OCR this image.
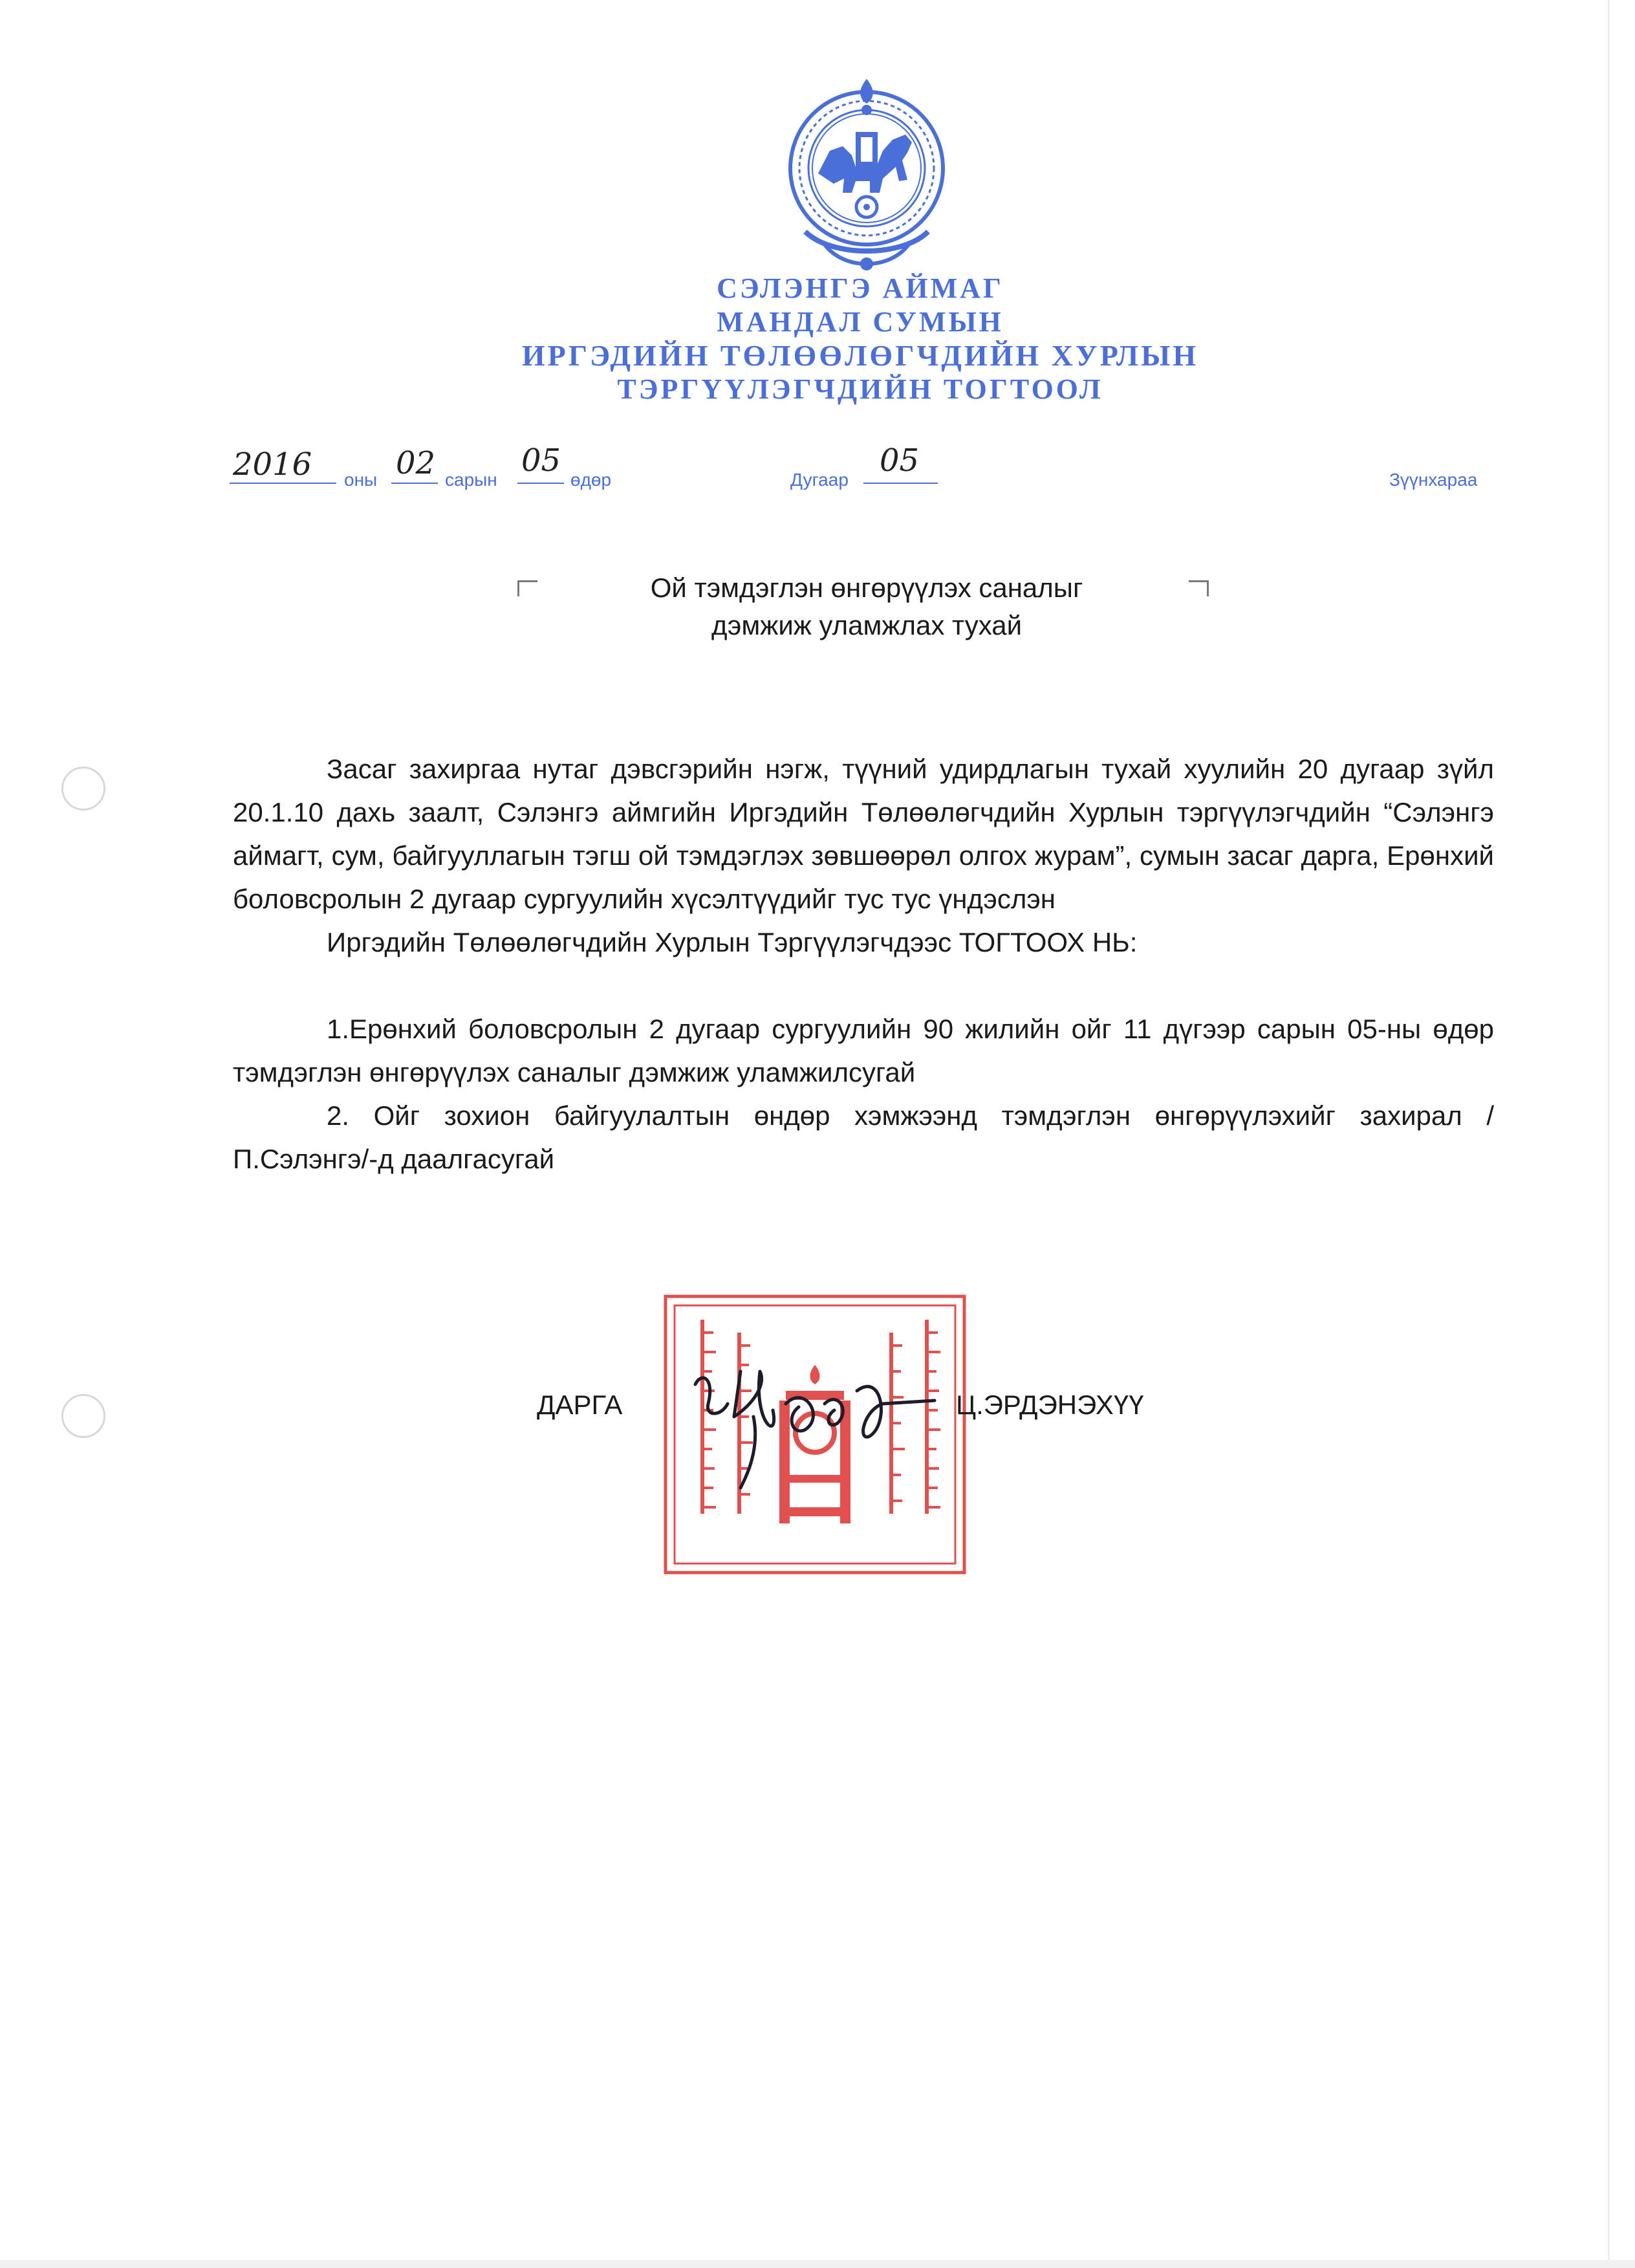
СЭЛЭНГЭ АЙМАГ
МАНДАЛ СУМЫН
ИРГЭДИЙН ТӨЛӨӨЛӨГЧДИЙН ХУРЛЫН
ТЭРГҮҮЛЭГЧДИЙН ТОГТООЛ
2016 оны 02 сарын
05
өдөр	Дугаар
05
Зүүнхараа
Ой тэмдэглэн өнгөрүүлэх саналыг
дэмжиж уламжлах тухай

Засаг захиргаа нутаг дэвсгэрийн нэгж, түүний удирдлагын тухай хуулийн 20 дугаар зүйл 20.1.10 дахь заалт, Сэлэнгэ аймгийн Иргэдийн Төлөөлөгчдийн Хурлын тэргүүлэгчдийн “Сэлэнгэ аймагт, сум, байгууллагын тэгш ой тэмдэглэх зөвшөөрөл олгох журам”, сумын засаг дарга, Ерөнхий боловсролын 2 дугаар сургуулийн хүсэлтүүдийг тус тус үндэслэн

Иргэдийн Төлөөлөгчдийн Хурлын Тэргүүлэгчдээс ТОГТООХ НЬ:

1.Ерөнхий боловсролын 2 дугаар сургуулийн 90 жилийн ойг 11 дүгээр сарын 05-ны өдөр тэмдэглэн өнгөрүүлэх саналыг дэмжиж уламжилсугай

2. Ойг зохион байгуулалтын өндөр хэмжээнд тэмдэглэн өнгөрүүлэхийг захирал / П.Сэлэнгэ/-д даалгасугай

ДАРГА	Ц.ЭРДЭНЭХҮҮ
